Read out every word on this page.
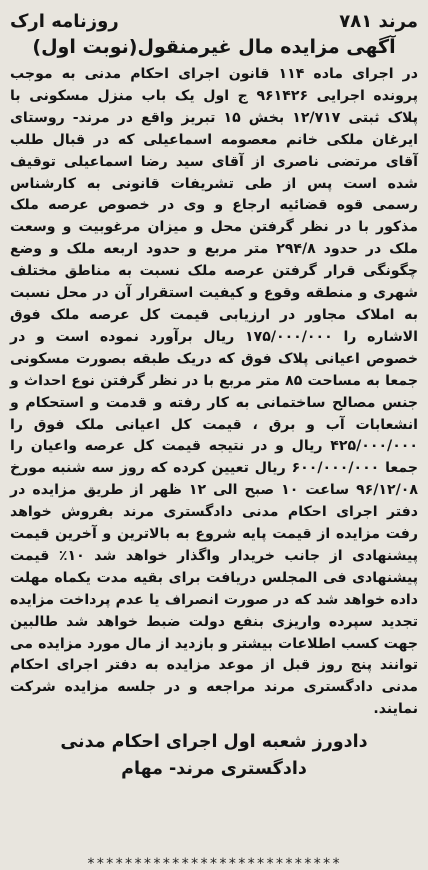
مرند ۷۸۱
روزنامه ارک
آگهی مزایده مال غیرمنقول(نوبت اول)

در اجرای ماده ۱۱۴ قانون اجرای احکام مدنی به موجب پرونده اجرایی ۹۶۱۴۲۶ ج اول یک باب منزل مسکونی با پلاک ثبتی ۱۲/۷۱۷ بخش ۱۵ تبریز واقع در مرند- روستای ایرغان ملکی خانم معصومه اسماعیلی که در قبال طلب آقای مرتضی ناصری از آقای سید رضا اسماعیلی توقیف شده است پس از طی تشریفات قانونی به کارشناس رسمی قوه قضائیه ارجاع و وی در خصوص عرصه ملک مذکور با در نظر گرفتن محل و میزان مرغوبیت و وسعت ملک در حدود ۲۹۴/۸ متر مربع و حدود اربعه ملک و وضع چگونگی قرار گرفتن عرصه ملک نسبت به مناطق مختلف شهری و منطقه وقوع و کیفیت استقرار آن در محل نسبت به املاک مجاور در ارزیابی قیمت کل عرصه ملک فوق الاشاره را ۱۷۵/۰۰۰/۰۰۰ ریال برآورد نموده است و در خصوص اعیانی پلاک فوق که دریک طبقه بصورت مسکونی جمعا به مساحت ۸۵ متر مربع با در نظر گرفتن نوع احداث و جنس مصالح ساختمانی به کار رفته و قدمت و استحکام و انشعابات آب و برق ، قیمت کل اعیانی ملک فوق را ۴۲۵/۰۰۰/۰۰۰ ریال و در نتیجه قیمت کل عرصه واعیان را جمعا ۶۰۰/۰۰۰/۰۰۰ ریال تعیین کرده که روز سه شنبه مورخ ۹۶/۱۲/۰۸ ساعت ۱۰ صبح الی ۱۲ ظهر از طریق مزایده در دفتر اجرای احکام مدنی دادگستری مرند بفروش خواهد رفت مزایده از قیمت پایه شروع به بالاترین و آخرین قیمت پیشنهادی از جانب خریدار واگذار خواهد شد ۱۰٪ قیمت پیشنهادی فی المجلس دریافت برای بقیه مدت یکماه مهلت داده خواهد شد که در صورت انصراف یا عدم پرداخت مزایده تجدید سپرده واریزی بنفع دولت ضبط خواهد شد طالبین جهت کسب اطلاعات بیشتر و بازدید از مال مورد مزایده می توانند پنج روز قبل از موعد مزایده به دفتر اجرای احکام مدنی دادگستری مرند مراجعه و در جلسه مزایده شرکت نمایند.

دادورز شعبه اول اجرای احکام مدنی
دادگستری مرند- مهام
***************************
